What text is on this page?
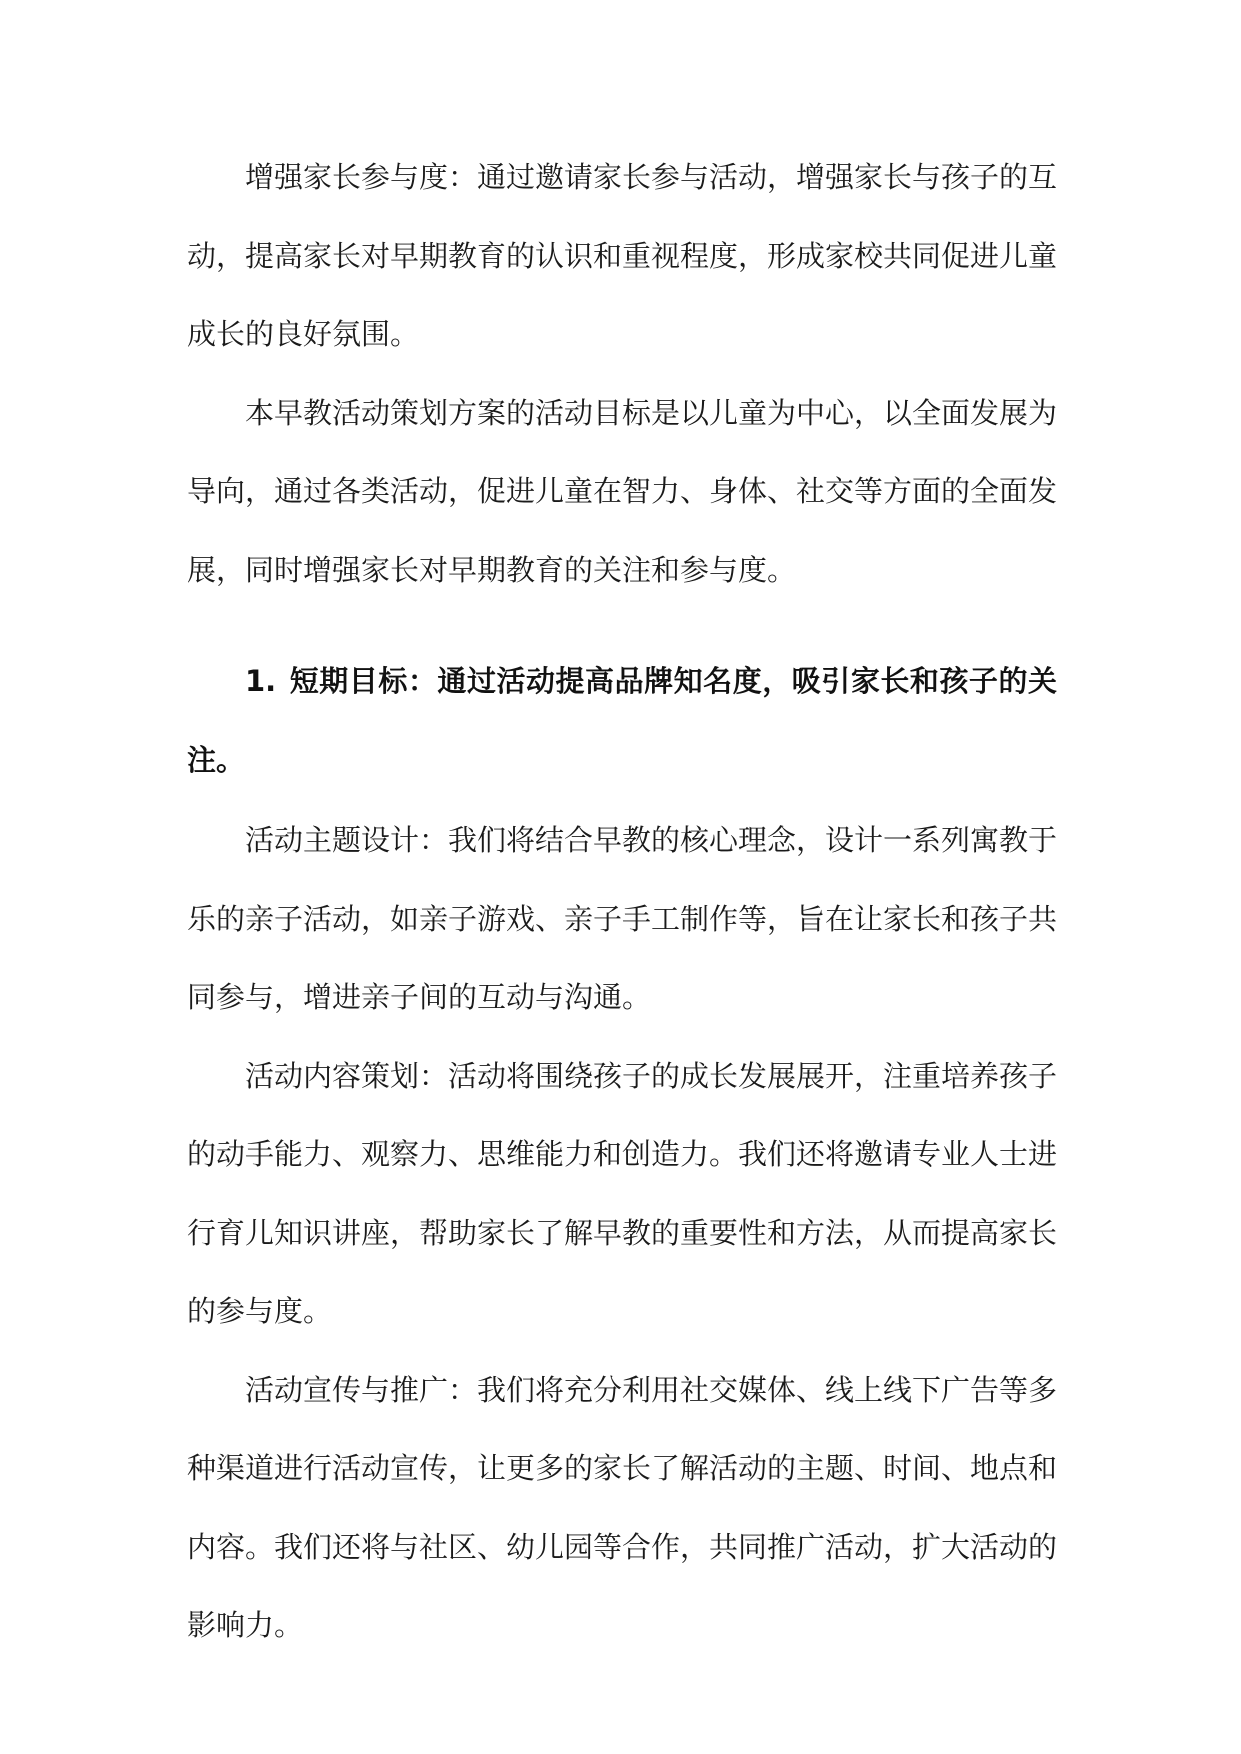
增强家长参与度：通过邀请家长参与活动，增强家长与孩子的互动，提高家长对早期教育的认识和重视程度，形成家校共同促进儿童成长的良好氛围。

本早教活动策划方案的活动目标是以儿童为中心，以全面发展为导向，通过各类活动，促进儿童在智力、身体、社交等方面的全面发展，同时增强家长对早期教育的关注和参与度。

1. 短期目标：通过活动提高品牌知名度，吸引家长和孩子的关注。

活动主题设计：我们将结合早教的核心理念，设计一系列寓教于乐的亲子活动，如亲子游戏、亲子手工制作等，旨在让家长和孩子共同参与，增进亲子间的互动与沟通。

活动内容策划：活动将围绕孩子的成长发展展开，注重培养孩子的动手能力、观察力、思维能力和创造力。我们还将邀请专业人士进行育儿知识讲座，帮助家长了解早教的重要性和方法，从而提高家长的参与度。

活动宣传与推广：我们将充分利用社交媒体、线上线下广告等多种渠道进行活动宣传，让更多的家长了解活动的主题、时间、地点和内容。我们还将与社区、幼儿园等合作，共同推广活动，扩大活动的影响力。
